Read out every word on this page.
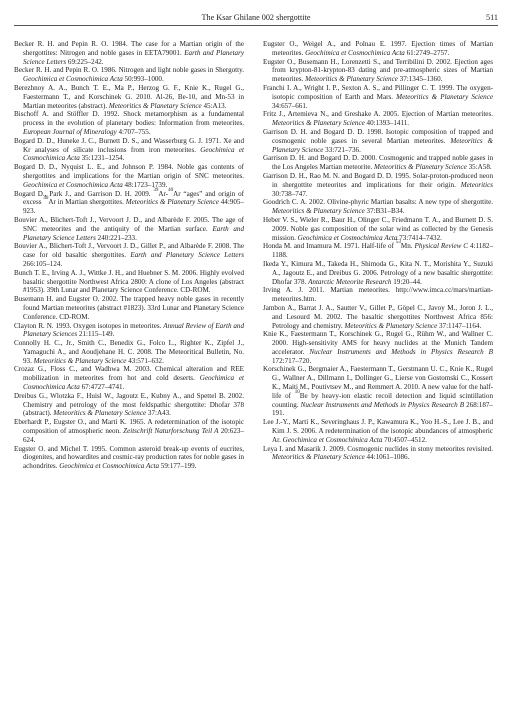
The Ksar Ghilane 002 shergottite	511

Becker R. H. and Pepin R. O. 1984. The case for a Martian origin of the shergottites: Nitrogen and noble gases in EETA79001. Earth and Planetary Science Letters 69:225–242.

Becker R. H. and Pepin R. O. 1986. Nitrogen and light noble gases in Shergotty. Geochimica et Cosmochimica Acta 50:993–1000.

Berezhnoy A. A., Bunch T. E., Ma P., Herzog G. F., Knie K., Rugel G., Faestermann T., and Korschinek G. 2010. Al-26, Be-10, and Mn-53 in Martian meteorites (abstract). Meteoritics & Planetary Science 45:A13.

Bischoff A. and Stöffler D. 1992. Shock metamorphism as a fundamental process in the evolution of planetary bodies: Information from meteorites. European Journal of Mineralogy 4:707–755.

Bogard D. D., Huneke J. C., Burnett D. S., and Wasserburg G. J. 1971. Xe and Kr analyses of silicate inclusions from iron meteorites. Geochimica et Cosmochimica Acta 35:1231–1254.

Bogard D. D., Nyquist L. E., and Johnson P. 1984. Noble gas contents of shergottites and implications for the Martian origin of SNC meteorites. Geochimica et Cosmochimica Acta 48:1723–1739.

Bogard D., Park J., and Garrison D. H. 2009. $^{39}$Ar-$^{40}$Ar “ages” and origin of excess $^{40}$Ar in Martian shergottites. Meteoritics & Planetary Science 44:905–923.

Bouvier A., Blichert-Toft J., Vervoort J. D., and Albarède F. 2005. The age of SNC meteorites and the antiquity of the Martian surface. Earth and Planetary Science Letters 240:221–233.

Bouvier A., Blichert-Toft J., Vervoort J. D., Gillet P., and Albarède F. 2008. The case for old basaltic shergottites. Earth and Planetary Science Letters 266:105–124.

Bunch T. E., Irving A. J., Wittke J. H., and Huebner S. M. 2006. Highly evolved basaltic shergottite Northwest Africa 2800: A clone of Los Angeles (abstract #1953). 39th Lunar and Planetary Science Conference. CD-ROM.

Busemann H. and Eugster O. 2002. The trapped heavy noble gases in recently found Martian meteorites (abstract #1823). 33rd Lunar and Planetary Science Conference. CD-ROM.

Clayton R. N. 1993. Oxygen isotopes in meteorites. Annual Review of Earth and Planetary Sciences 21:115–149.

Connolly H. C., Jr., Smith C., Benedix G., Folco L., Righter K., Zipfel J., Yamaguchi A., and Aoudjehane H. C. 2008. The Meteoritical Bulletin, No. 93. Meteoritics & Planetary Science 43:571–632.

Crozaz G., Floss C., and Wadhwa M. 2003. Chemical alteration and REE mobilization in meteorites from hot and cold deserts. Geochimica et Cosmochimica Acta 67:4727–4741.

Dreibus G., Wlotzka F., Huisl W., Jagoutz E., Kubny A., and Spettel B. 2002. Chemistry and petrology of the most feldspathic shergottite: Dhofar 378 (abstract). Meteoritics & Planetary Science 37:A43.

Eberhardt P., Eugster O., and Marti K. 1965. A redetermination of the isotopic composition of atmospheric neon. Zeitschrift Naturforschung Teil A 20:623–624.

Eugster O. and Michel T. 1995. Common asteroid break-up events of eucrites, diogenites, and howardites and cosmic-ray production rates for noble gases in achondrites. Geochimica et Cosmochimica Acta 59:177–199.

Eugster O., Weigel A., and Polnau E. 1997. Ejection times of Martian meteorites. Geochimica et Cosmochimica Acta 61:2749–2757.

Eugster O., Busemann H., Lorenzetti S., and Terribilini D. 2002. Ejection ages from krypton-81-krypton-83 dating and pre-atmospheric sizes of Martian meteorites. Meteoritics & Planetary Science 37:1345–1360.

Franchi I. A., Wright I. P., Sexton A. S., and Pillinger C. T. 1999. The oxygen-isotopic composition of Earth and Mars. Meteoritics & Planetary Science 34:657–661.

Fritz J., Artemieva N., and Greshake A. 2005. Ejection of Martian meteorites. Meteoritics & Planetary Science 40:1393–1411.

Garrison D. H. and Bogard D. D. 1998. Isotopic composition of trapped and cosmogenic noble gases in several Martian meteorites. Meteoritics & Planetary Science 33:721–736.

Garrison D. H. and Bogard D. D. 2000. Cosmogenic and trapped noble gases in the Los Angeles Martian meteorite. Meteoritics & Planetary Science 35:A58.

Garrison D. H., Rao M. N. and Bogard D. D. 1995. Solar-proton-produced neon in shergottite meteorites and implications for their origin. Meteoritics 30:738–747.

Goodrich C. A. 2002. Olivine-phyric Martian basalts: A new type of shergottite. Meteoritics & Planetary Science 37:B31–B34.

Heber V. S., Wieler R., Baur H., Olinger C., Friedmann T. A., and Burnett D. S. 2009. Noble gas composition of the solar wind as collected by the Genesis mission. Geochimica et Cosmochimica Acta 73:7414–7432.

Honda M. and Imamura M. 1971. Half-life of $^{53}$Mn. Physical Review C 4:1182–1188.

Ikeda Y., Kimura M., Takeda H., Shimoda G., Kita N. T., Morishita Y., Suzuki A., Jagoutz E., and Dreibus G. 2006. Petrology of a new basaltic shergottite: Dhofar 378. Antarctic Meteorite Research 19:20–44.

Irving A. J. 2011. Martian meteorites. http://www.imca.cc/mars/martian-meteorites.htm.

Jambon A., Barrat J. A., Sautter V., Gillet P., Göpel C., Javoy M., Joron J. L., and Lesourd M. 2002. The basaltic shergottites Northwest Africa 856: Petrology and chemistry. Meteoritics & Planetary Science 37:1147–1164.

Knie K., Faestermann T., Korschinek G., Rugel G., Rühm W., and Wallner C. 2000. High-sensitivity AMS for heavy nuclides at the Munich Tandem accelerator. Nuclear Instruments and Methods in Physics Research B 172:717–720.

Korschinek G., Bergmaier A., Faestermann T., Gerstmann U. C., Knie K., Rugel G., Wallner A., Dillmann I., Dollinger G., Lierse von Gostomski C., Kossert K., Maiti M., Poutivtsev M., and Remmert A. 2010. A new value for the half-life of $^{10}$Be by heavy-ion elastic recoil detection and liquid scintillation counting. Nuclear Instruments and Methods in Physics Research B 268:187–191.

Lee J.-Y., Marti K., Severinghaus J. P., Kawamura K., Yoo H.-S., Lee J. B., and Kim J. S. 2006. A redetermination of the isotopic abundances of atmospheric Ar. Geochimica et Cosmochimica Acta 70:4507–4512.

Leya I. and Masarik J. 2009. Cosmogenic nuclides in stony meteorites revisited. Meteoritics & Planetary Science 44:1061–1086.
